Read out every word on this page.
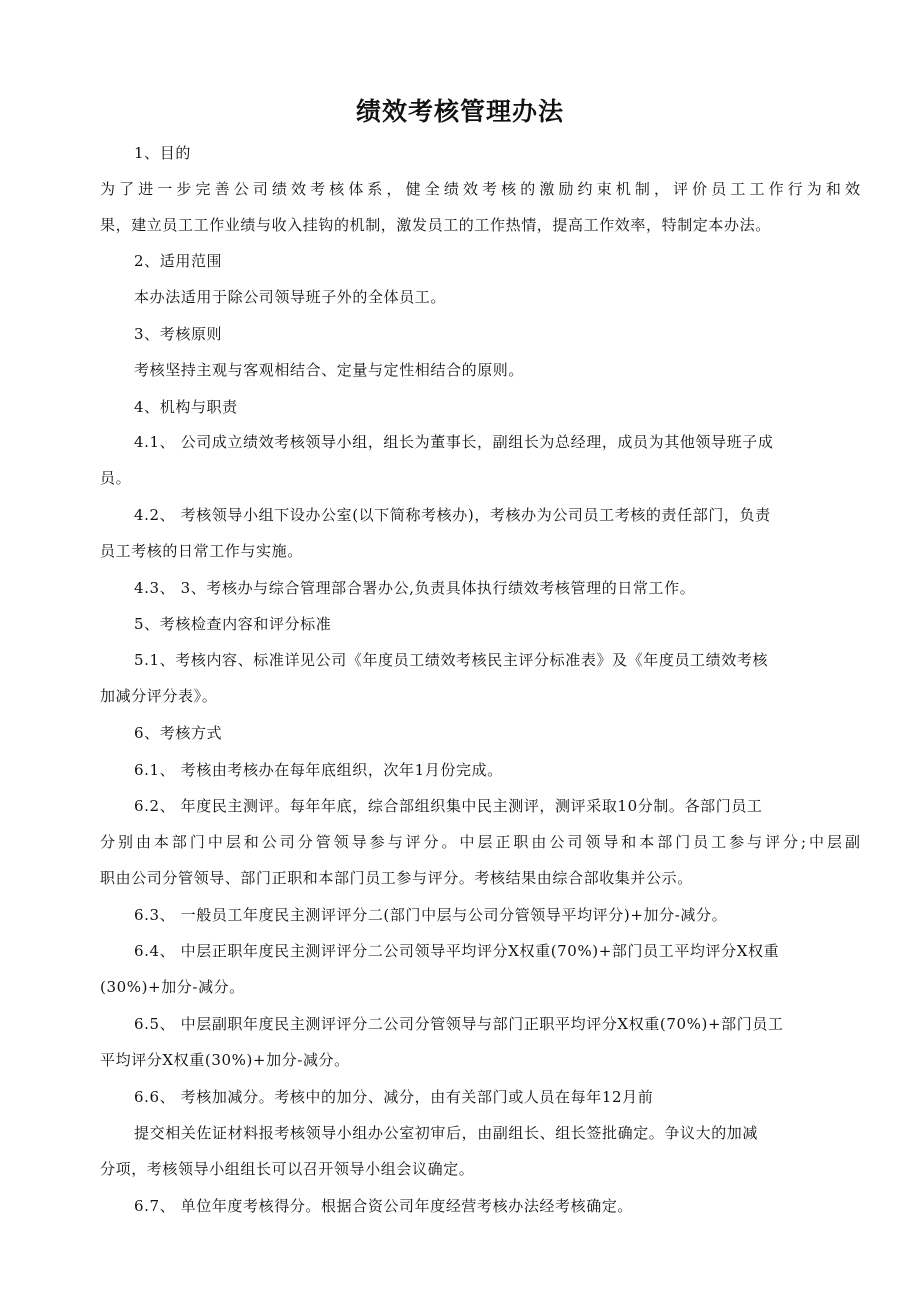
绩效考核管理办法
1、目的
为了进一步完善公司绩效考核体系，健全绩效考核的激励约束机制，评价员工工作行为和效
果，建立员工工作业绩与收入挂钩的机制，激发员工的工作热情，提高工作效率，特制定本办法。
2、适用范围
本办法适用于除公司领导班子外的全体员工。
3、考核原则
考核坚持主观与客观相结合、定量与定性相结合的原则。
4、机构与职责
4.1、 公司成立绩效考核领导小组，组长为董事长，副组长为总经理，成员为其他领导班子成
员。
4.2、 考核领导小组下设办公室(以下简称考核办)，考核办为公司员工考核的责任部门，负责
员工考核的日常工作与实施。
4.3、 3、考核办与综合管理部合署办公,负责具体执行绩效考核管理的日常工作。
5、考核检查内容和评分标准
5.1、考核内容、标准详见公司《年度员工绩效考核民主评分标准表》及《年度员工绩效考核
加减分评分表》。
6、考核方式
6.1、 考核由考核办在每年底组织，次年1月份完成。
6.2、 年度民主测评。每年年底，综合部组织集中民主测评，测评采取10分制。各部门员工
分别由本部门中层和公司分管领导参与评分。中层正职由公司领导和本部门员工参与评分;中层副
职由公司分管领导、部门正职和本部门员工参与评分。考核结果由综合部收集并公示。
6.3、 一般员工年度民主测评评分二(部门中层与公司分管领导平均评分)+加分-减分。
6.4、 中层正职年度民主测评评分二公司领导平均评分X权重(70%)+部门员工平均评分X权重
(30%)+加分-减分。
6.5、 中层副职年度民主测评评分二公司分管领导与部门正职平均评分X权重(70%)+部门员工
平均评分X权重(30%)+加分-减分。
6.6、 考核加减分。考核中的加分、减分，由有关部门或人员在每年12月前
提交相关佐证材料报考核领导小组办公室初审后，由副组长、组长签批确定。争议大的加减
分项，考核领导小组组长可以召开领导小组会议确定。
6.7、 单位年度考核得分。根据合资公司年度经营考核办法经考核确定。
